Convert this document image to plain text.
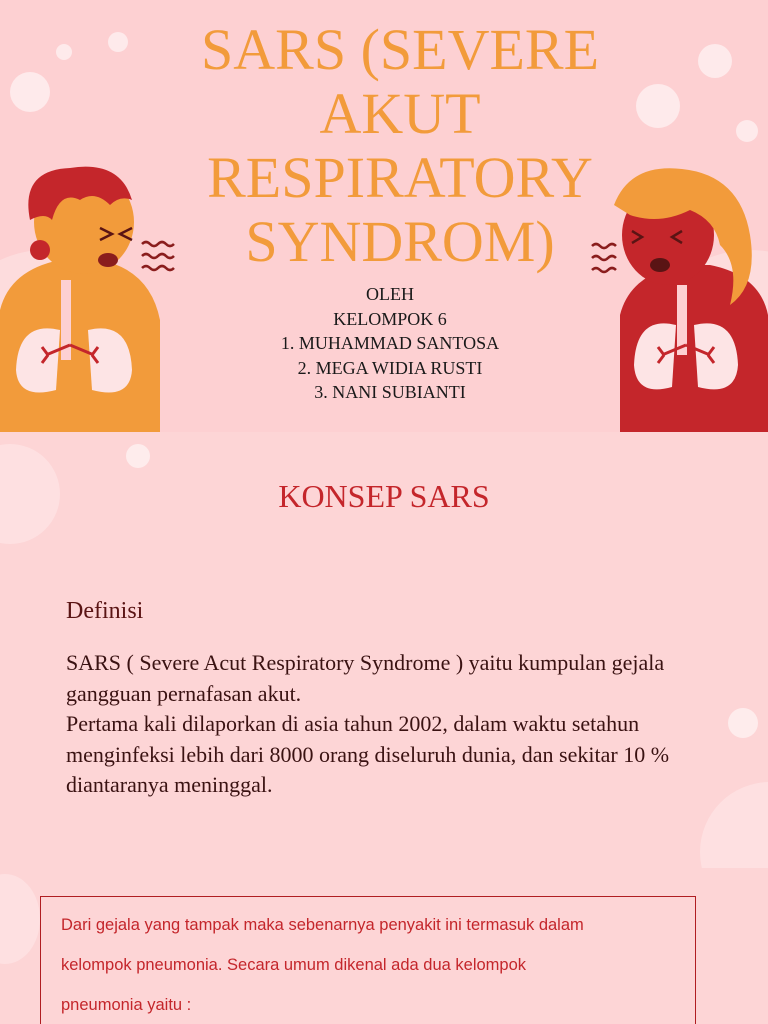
SARS (SEVERE
AKUT
RESPIRATORY
SYNDROM)
OLEH
KELOMPOK 6
1. MUHAMMAD SANTOSA
2. MEGA WIDIA RUSTI
3. NANI SUBIANTI
KONSEP SARS
Definisi

SARS ( Severe Acut Respiratory Syndrome ) yaitu kumpulan gejala gangguan pernafasan akut.

Pertama kali dilaporkan di asia tahun 2002, dalam waktu setahun menginfeksi lebih dari 8000 orang diseluruh dunia, dan sekitar 10 % diantaranya meninggal.

Dari gejala yang tampak maka sebenarnya penyakit ini termasuk dalam
kelompok pneumonia. Secara umum dikenal ada dua kelompok
pneumonia yaitu :
